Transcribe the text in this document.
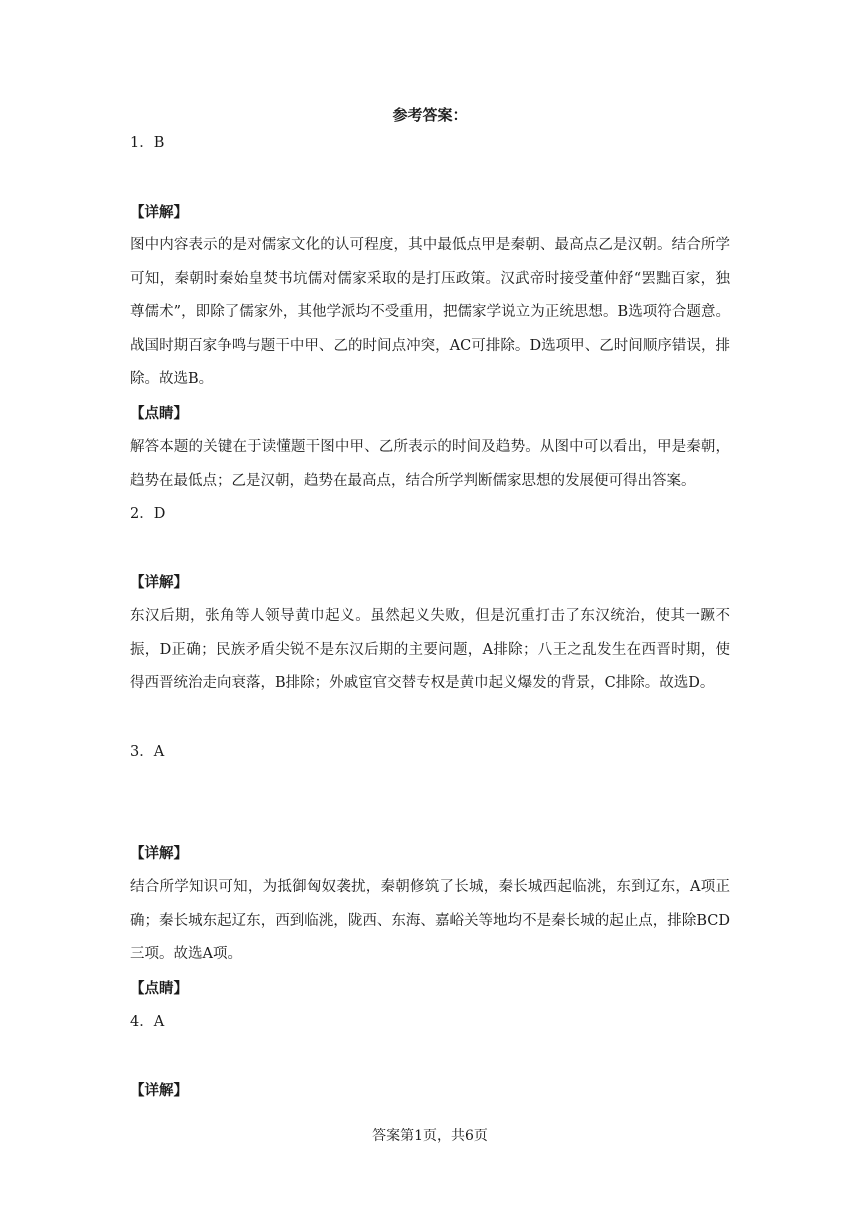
参考答案：
1．B
【详解】
图中内容表示的是对儒家文化的认可程度，其中最低点甲是秦朝、最高点乙是汉朝。结合所学可知，秦朝时秦始皇焚书坑儒对儒家采取的是打压政策。汉武帝时接受董仲舒“罢黜百家，独尊儒术”，即除了儒家外，其他学派均不受重用，把儒家学说立为正统思想。B选项符合题意。战国时期百家争鸣与题干中甲、乙的时间点冲突，AC可排除。D选项甲、乙时间顺序错误，排除。故选B。
【点睛】
解答本题的关键在于读懂题干图中甲、乙所表示的时间及趋势。从图中可以看出，甲是秦朝，趋势在最低点；乙是汉朝，趋势在最高点，结合所学判断儒家思想的发展便可得出答案。
2．D
【详解】
东汉后期，张角等人领导黄巾起义。虽然起义失败，但是沉重打击了东汉统治，使其一蹶不振，D正确；民族矛盾尖锐不是东汉后期的主要问题，A排除；八王之乱发生在西晋时期，使得西晋统治走向衰落，B排除；外戚宦官交替专权是黄巾起义爆发的背景，C排除。故选D。
3．A
【详解】
结合所学知识可知，为抵御匈奴袭扰，秦朝修筑了长城，秦长城西起临洮，东到辽东，A项正确；秦长城东起辽东，西到临洮，陇西、东海、嘉峪关等地均不是秦长城的起止点，排除BCD三项。故选A项。
【点睛】
4．A
【详解】
答案第1页，共6页
